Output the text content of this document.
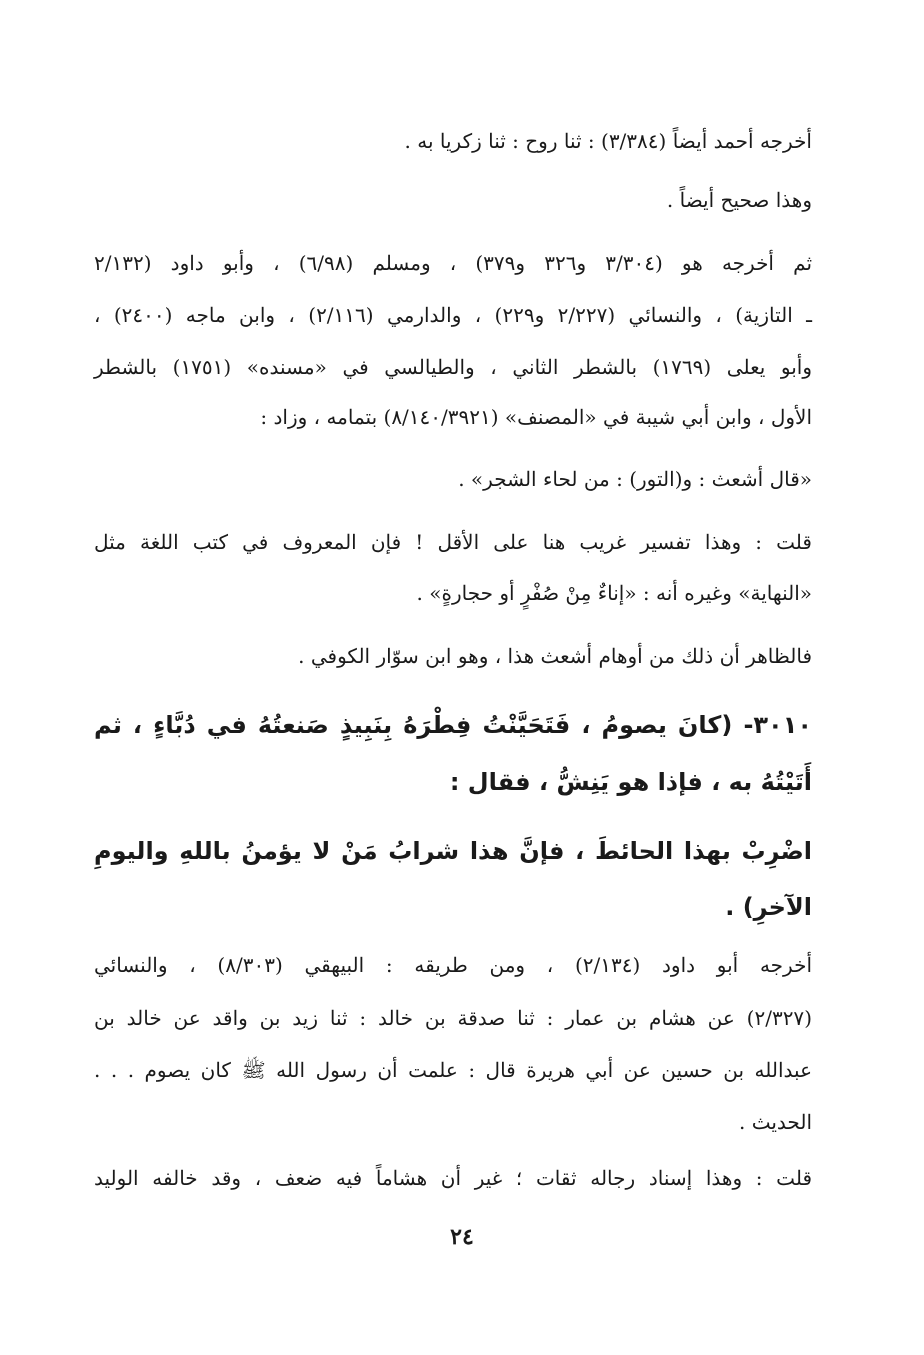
أخرجه أحمد أيضاً (٣/٣٨٤) : ثنا روح : ثنا زكريا به .

وهذا صحيح أيضاً .

ثم أخرجه هو (٣/٣٠٤ و٣٢٦ و٣٧٩) ، ومسلم (٦/٩٨) ، وأبو داود (٢/١٣٢

ـ التازية) ، والنسائي (٢/٢٢٧ و٢٢٩) ، والدارمي (٢/١١٦) ، وابن ماجه (٢٤٠٠) ،

وأبو يعلى (١٧٦٩) بالشطر الثاني ، والطيالسي في «مسنده» (١٧٥١) بالشطر

الأول ، وابن أبي شيبة في «المصنف» (٨/١٤٠/٣٩٢١) بتمامه ، وزاد :

«قال أشعث : و(التور) : من لحاء الشجر» .

قلت : وهذا تفسير غريب هنا على الأقل ! فإن المعروف في كتب اللغة مثل

«النهاية» وغيره أنه : «إناءٌ مِنْ صُفْرٍ أو حجارةٍ» .

فالظاهر أن ذلك من أوهام أشعث هذا ، وهو ابن سوّار الكوفي .

٣٠١٠- (كانَ يصومُ ، فَتَحَيَّنْتُ فِطْرَهُ بِنَبِيذٍ صَنعتُهُ في دُبَّاءٍ ، ثم

أَتَيْتُهُ به ، فإذا هو يَنِشُّ ، فقال :

اضْرِبْ بهذا الحائطَ ، فإنَّ هذا شرابُ مَنْ لا يؤمنُ باللهِ واليومِ

الآخرِ) .

أخرجه أبو داود (٢/١٣٤) ، ومن طريقه : البيهقي (٨/٣٠٣) ، والنسائي

(٢/٣٢٧) عن هشام بن عمار : ثنا صدقة بن خالد : ثنا زيد بن واقد عن خالد بن

عبدالله بن حسين عن أبي هريرة قال : علمت أن رسول الله ﷺ كان يصوم . . .

الحديث .

قلت : وهذا إسناد رجاله ثقات ؛ غير أن هشاماً فيه ضعف ، وقد خالفه الوليد

٢٤
